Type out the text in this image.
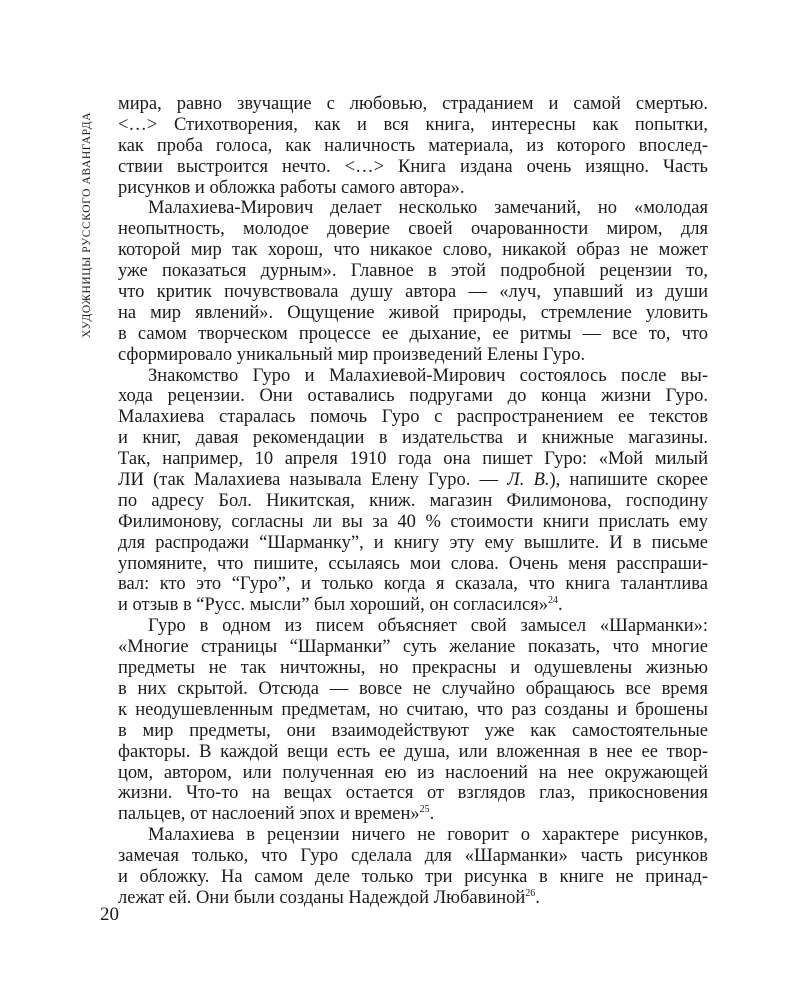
ХУДОЖНИЦЫ РУССКОГО АВАНГАРДА
мира, равно звучащие с любовью, страданием и самой смертью.
<…> Стихотворения, как и вся книга, интересны как попытки,
как проба голоса, как наличность материала, из которого впослед-
ствии выстроится нечто. <…> Книга издана очень изящно. Часть
рисунков и обложка работы самого автора».
Малахиева-Мирович делает несколько замечаний, но «молодая
неопытность, молодое доверие своей очарованности миром, для
которой мир так хорош, что никакое слово, никакой образ не может
уже показаться дурным». Главное в этой подробной рецензии то,
что критик почувствовала душу автора — «луч, упавший из души
на мир явлений». Ощущение живой природы, стремление уловить
в самом творческом процессе ее дыхание, ее ритмы — все то, что
сформировало уникальный мир произведений Елены Гуро.
Знакомство Гуро и Малахиевой-Мирович состоялось после вы-
хода рецензии. Они оставались подругами до конца жизни Гуро.
Малахиева старалась помочь Гуро с распространением ее текстов
и книг, давая рекомендации в издательства и книжные магазины.
Так, например, 10 апреля 1910 года она пишет Гуро: «Мой милый
ЛИ (так Малахиева называла Елену Гуро. — Л. В.), напишите скорее
по адресу Бол. Никитская, книж. магазин Филимонова, господину
Филимонову, согласны ли вы за 40 % стоимости книги прислать ему
для распродажи “Шарманку”, и книгу эту ему вышлите. И в письме
упомяните, что пишите, ссылаясь мои слова. Очень меня расспраши-
вал: кто это “Гуро”, и только когда я сказала, что книга талантлива
и отзыв в “Русс. мысли” был хороший, он согласился»$^{24}$.
Гуро в одном из писем объясняет свой замысел «Шарманки»:
«Многие страницы “Шарманки” суть желание показать, что многие
предметы не так ничтожны, но прекрасны и одушевлены жизнью
в них скрытой. Отсюда — вовсе не случайно обращаюсь все время
к неодушевленным предметам, но считаю, что раз созданы и брошены
в мир предметы, они взаимодействуют уже как самостоятельные
факторы. В каждой вещи есть ее душа, или вложенная в нее ее твор-
цом, автором, или полученная ею из наслоений на нее окружающей
жизни. Что-то на вещах остается от взглядов глаз, прикосновения
пальцев, от наслоений эпох и времен»$^{25}$.
Малахиева в рецензии ничего не говорит о характере рисунков,
замечая только, что Гуро сделала для «Шарманки» часть рисунков
и обложку. На самом деле только три рисунка в книге не принад-
лежат ей. Они были созданы Надеждой Любавиной$^{26}$.
20
